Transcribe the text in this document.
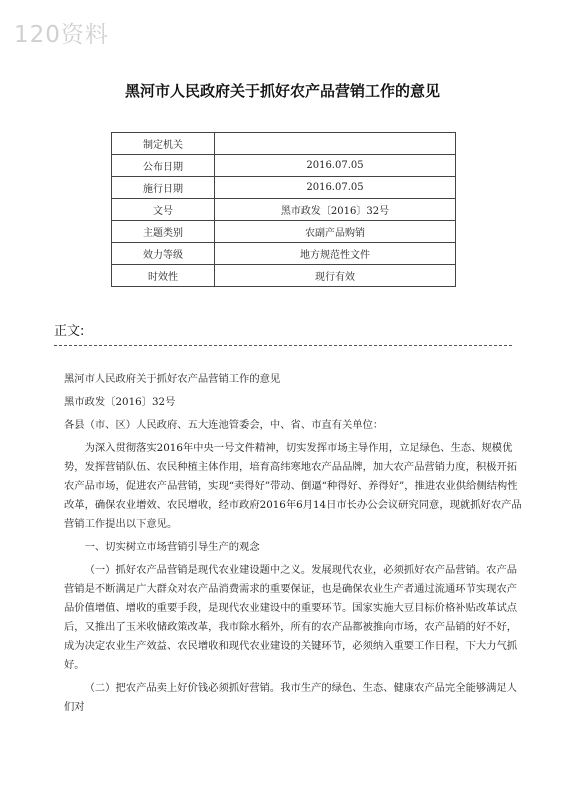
120资料
黑河市人民政府关于抓好农产品营销工作的意见
制定机关	
公布日期	2016.07.05
施行日期	2016.07.05
文号	黑市政发〔2016〕32号
主题类别	农副产品购销
效力等级	地方规范性文件
时效性	现行有效
正文:

黑河市人民政府关于抓好农产品营销工作的意见

黑市政发〔2016〕32号

各县（市、区）人民政府、五大连池管委会，中、省、市直有关单位：

为深入贯彻落实2016年中央一号文件精神，切实发挥市场主导作用，立足绿色、生态、规模优势，发挥营销队伍、农民种植主体作用，培育高纬寒地农产品品牌，加大农产品营销力度，积极开拓农产品市场，促进农产品营销，实现“卖得好”带动、倒逼“种得好、养得好”，推进农业供给侧结构性改革，确保农业增效、农民增收，经市政府2016年6月14日市长办公会议研究同意，现就抓好农产品营销工作提出以下意见。

一、切实树立市场营销引导生产的观念

（一）抓好农产品营销是现代农业建设题中之义。发展现代农业，必须抓好农产品营销。农产品营销是不断满足广大群众对农产品消费需求的重要保证，也是确保农业生产者通过流通环节实现农产品价值增值、增收的重要手段，是现代农业建设中的重要环节。国家实施大豆目标价格补贴改革试点后，又推出了玉米收储政策改革，我市除水稻外，所有的农产品都被推向市场，农产品销的好不好，成为决定农业生产效益、农民增收和现代农业建设的关键环节，必须纳入重要工作日程，下大力气抓好。

（二）把农产品卖上好价钱必须抓好营销。我市生产的绿色、生态、健康农产品完全能够满足人们对
